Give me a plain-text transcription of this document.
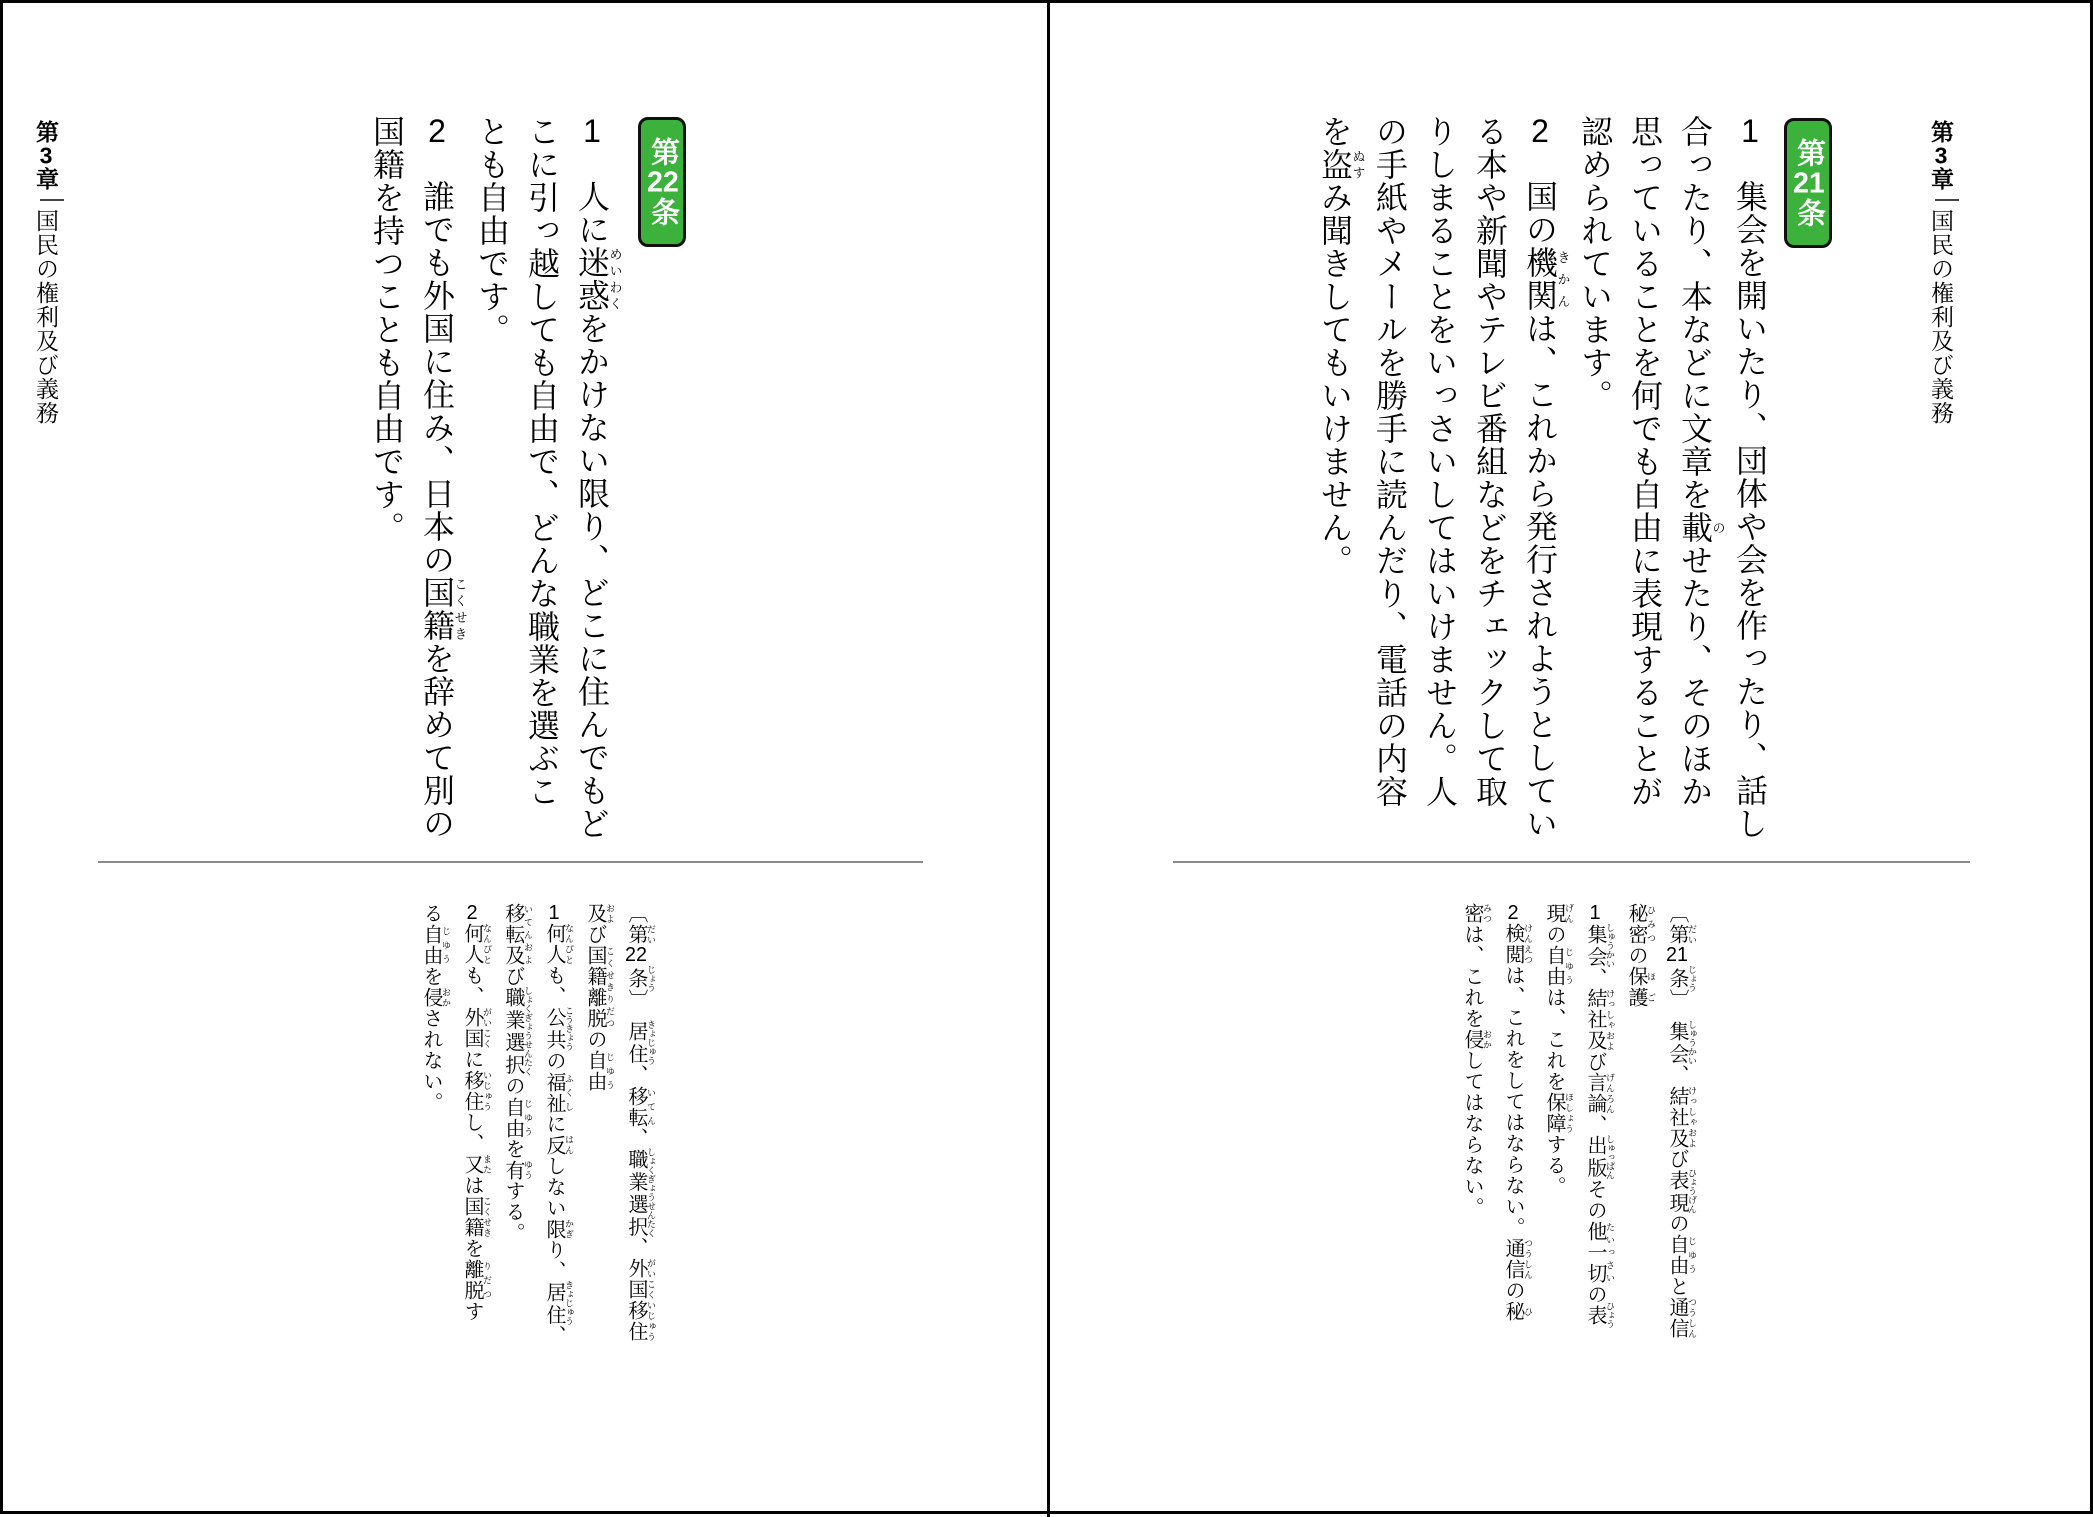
第3章国民の権利及び義務
第22条
1　人に迷惑めいわくをかけない限り、どこに住んでもど
こに引っ越しても自由で、どんな職業を選ぶこ
とも自由です。
2　誰でも外国に住み、日本の国籍こくせきを辞めて別の
国籍を持つことも自由です。
〔第 だい22条 じょう〕　居住 きょじゅう、移転 いてん、職業選択 しょくぎょうせんたく、外国移住 がいこくいじゅう
及 および国籍離脱 こくせきりだつの自由 じゆう
1何人 なんぴとも、公共 こうきょうの福祉 ふくしに反 はんしない限 かぎり、居住 きょじゅう、
移転及 いてんおよび職業選択 しょくぎょうせんたくの自由 じゆうを有 ゆうする。
2何人 なんぴとも、外国 がいこくに移住 いじゅうし、又 または国籍 こくせきを離脱 りだつす
る自由 じゆうを侵 おかされない。
第3章国民の権利及び義務
第21条
1　集会を開いたり、団体や会を作ったり、話し
合ったり、本などに文章を載のせたり、そのほか
思っていることを何でも自由に表現することが
認められています。
2　国の機関きかんは、これから発行されようとしてい
る本や新聞やテレビ番組などをチェックして取
りしまることをいっさいしてはいけません。人
の手紙やメールを勝手に読んだり、電話の内容
を盗ぬすみ聞きしてもいけません。
〔第 だい21条 じょう〕　集会 しゅうかい、結社及 けっしゃおよび表現 ひょうげんの自由 じゆうと通信 つうしん
秘密 ひみつの保護 ほご
1集会 しゅうかい、結社及 けっしゃおよび言論 げんろん、出版 しゅっぱんその他一切 たいっさいの表 ひょう
現 げんの自由 じゆうは、これを保障 ほしょうする。
2検閲 けんえつは、これをしてはならない。通信 つうしんの秘 ひ
密 みつは、これを侵 おかしてはならない。
